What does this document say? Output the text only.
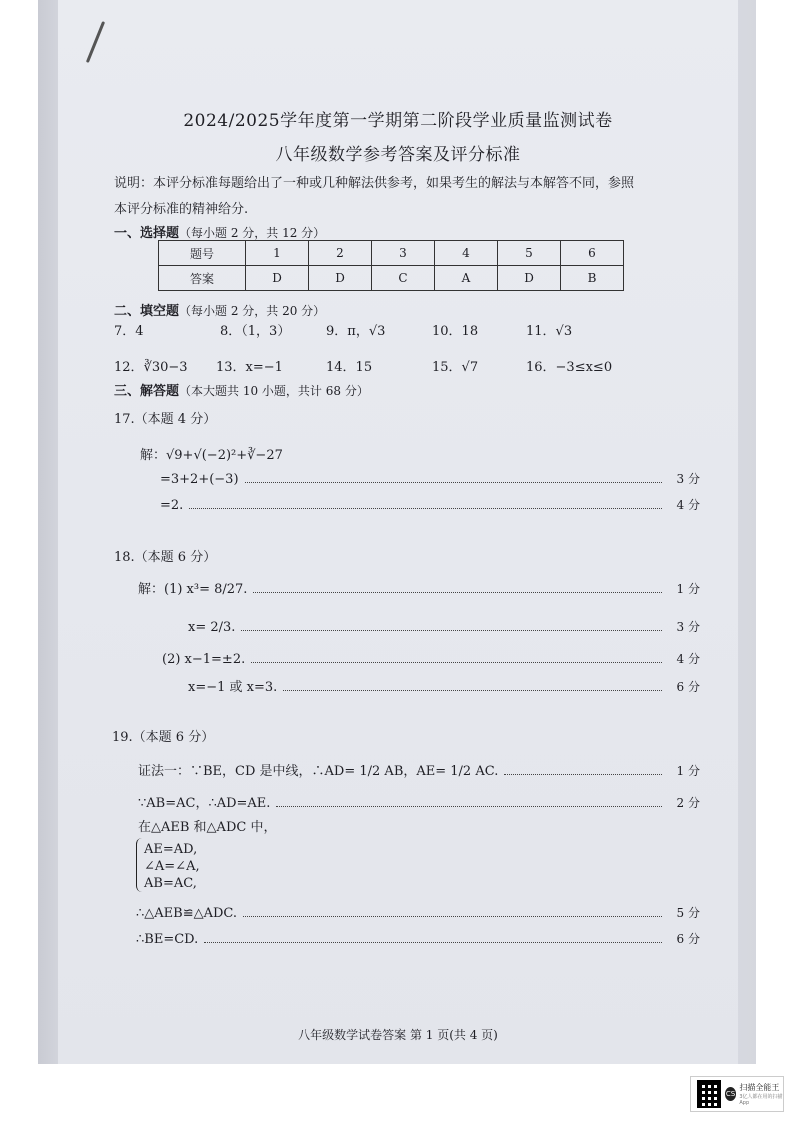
2024/2025学年度第一学期第二阶段学业质量监测试卷

八年级数学参考答案及评分标准

说明：本评分标准每题给出了一种或几种解法供参考，如果考生的解法与本解答不同，参照

本评分标准的精神给分.

一、选择题（每小题 2 分，共 12 分）

题号	1	2	3	4	5	6
答案	D	D	C	A	D	B

二、填空题（每小题 2 分，共 20 分）

7．4	8．（1，3）	9．π，√3	10．18	11．√3

12．∛30−3 13．x=−1	14．15	15．√7	16．−3≤x≤0

三、解答题（本大题共 10 小题，共计 68 分）

17.（本题 4 分）

解：√9+√(−2)²+∛−27

=3+2+(−3)	3 分
=2.	4 分

18.（本题 6 分）

解：(1) x³= 8/27.	1 分
x= 2/3.	3 分
(2) x−1=±2.	4 分
x=−1 或 x=3.	6 分

19.（本题 6 分）

证法一：∵BE，CD 是中线，∴AD= 1/2 AB，AE= 1/2 AC.	1 分
∵AB=AC，∴AD=AE.	2 分

在△AEB 和△ADC 中，

AE=AD,

∠A=∠A,

AB=AC,

∴△AEB≌△ADC.	5 分
∴BE=CD.	6 分

八年级数学试卷答案 第 1 页(共 4 页)

CS
扫描全能王
3亿人都在用的扫描App
